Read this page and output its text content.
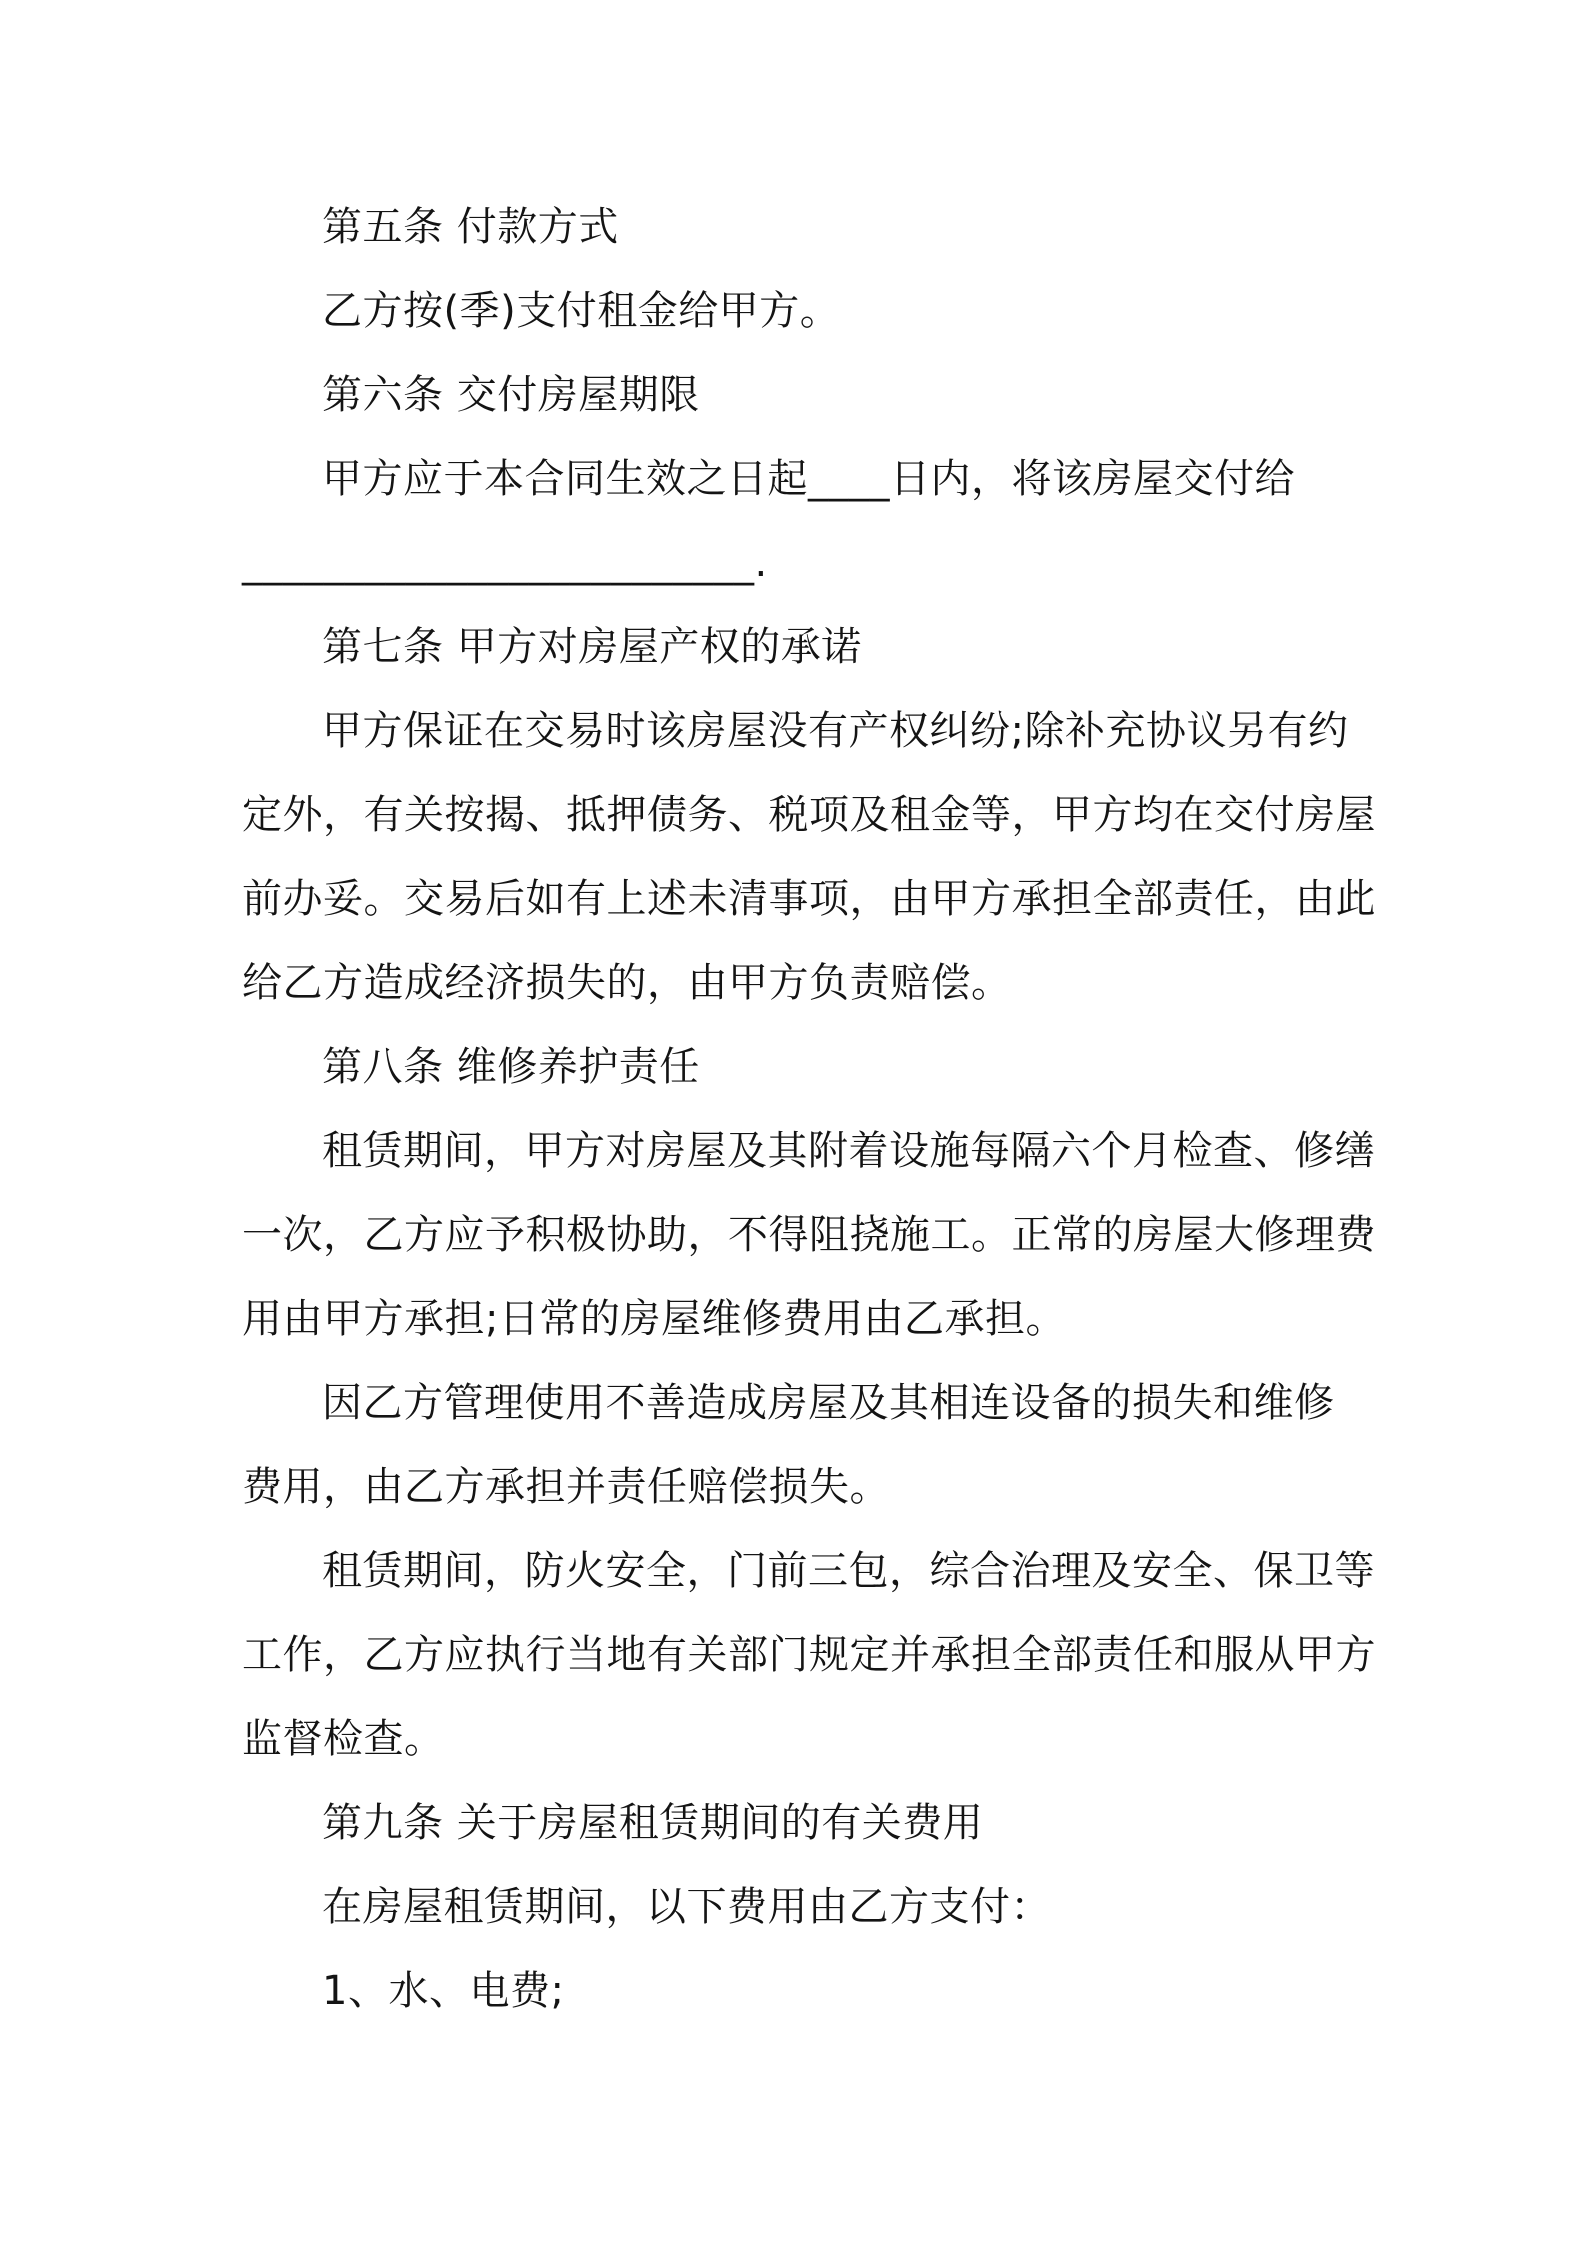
第五条 付款方式
乙方按(季)支付租金给甲方。
第六条 交付房屋期限
甲方应于本合同生效之日起____日内，将该房屋交付给
_________________________.
第七条 甲方对房屋产权的承诺
甲方保证在交易时该房屋没有产权纠纷;除补充协议另有约
定外，有关按揭、抵押债务、税项及租金等，甲方均在交付房屋
前办妥。交易后如有上述未清事项，由甲方承担全部责任，由此
给乙方造成经济损失的，由甲方负责赔偿。
第八条 维修养护责任
租赁期间，甲方对房屋及其附着设施每隔六个月检查、修缮
一次，乙方应予积极协助，不得阻挠施工。正常的房屋大修理费
用由甲方承担;日常的房屋维修费用由乙承担。
因乙方管理使用不善造成房屋及其相连设备的损失和维修
费用，由乙方承担并责任赔偿损失。
租赁期间，防火安全，门前三包，综合治理及安全、保卫等
工作，乙方应执行当地有关部门规定并承担全部责任和服从甲方
监督检查。
第九条 关于房屋租赁期间的有关费用
在房屋租赁期间，以下费用由乙方支付：
1、水、电费;
